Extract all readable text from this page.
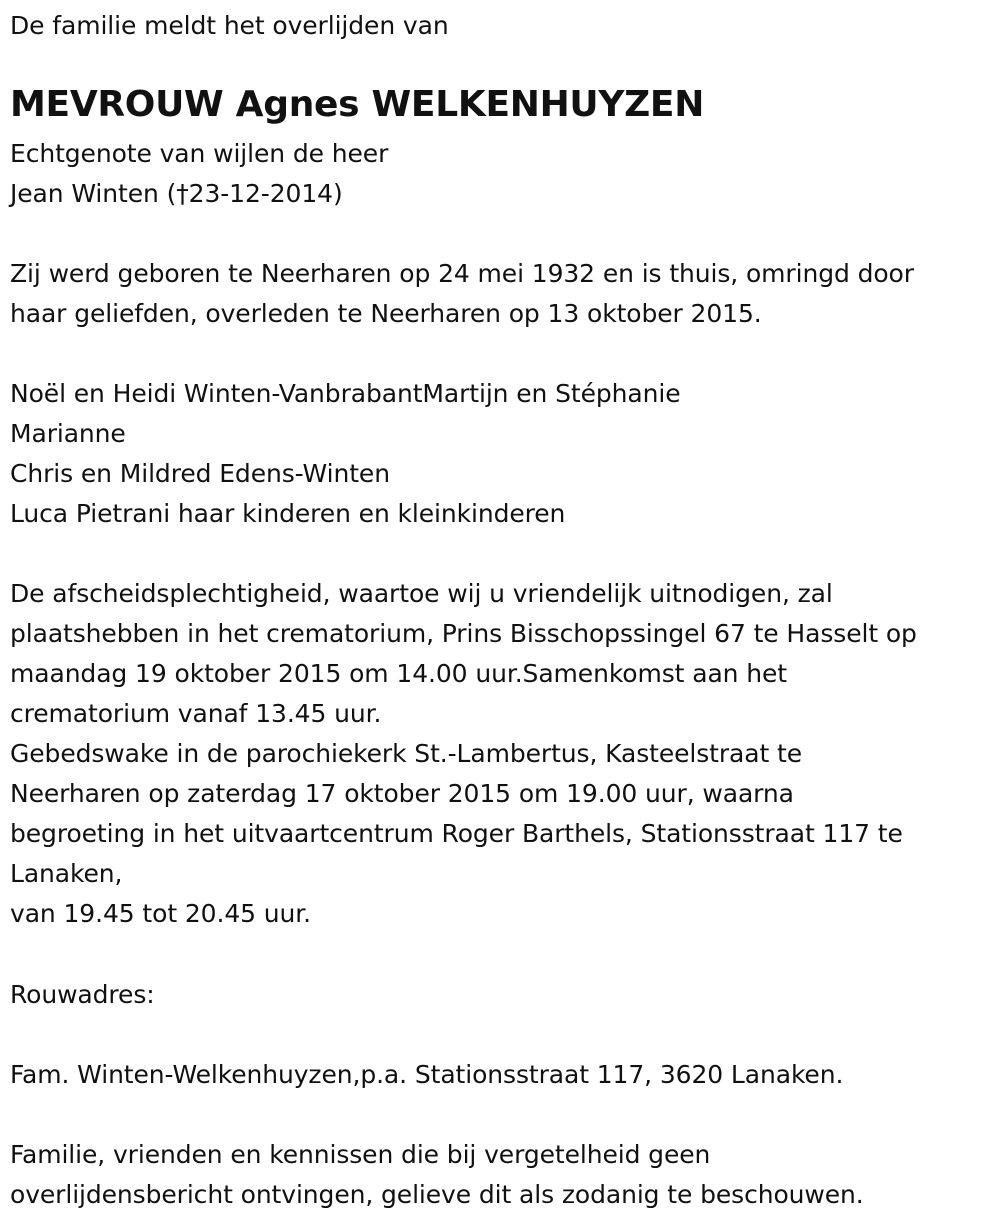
De familie meldt het overlijden van
MEVROUW Agnes WELKENHUYZEN
Echtgenote van wijlen de heer
Jean Winten (†23-12-2014)
Zij werd geboren te Neerharen op 24 mei 1932 en is thuis, omringd door
haar geliefden, overleden te Neerharen op 13 oktober 2015.
Noël en Heidi Winten-VanbrabantMartijn en Stéphanie
Marianne
Chris en Mildred Edens-Winten
Luca Pietrani haar kinderen en kleinkinderen
De afscheidsplechtigheid, waartoe wij u vriendelijk uitnodigen, zal
plaatshebben in het crematorium, Prins Bisschopssingel 67 te Hasselt op
maandag 19 oktober 2015 om 14.00 uur.Samenkomst aan het
crematorium vanaf 13.45 uur.
Gebedswake in de parochiekerk St.-Lambertus, Kasteelstraat te
Neerharen op zaterdag 17 oktober 2015 om 19.00 uur, waarna
begroeting in het uitvaartcentrum Roger Barthels, Stationsstraat 117 te
Lanaken,
van 19.45 tot 20.45 uur.
Rouwadres:
Fam. Winten-Welkenhuyzen,p.a. Stationsstraat 117, 3620 Lanaken.
Familie, vrienden en kennissen die bij vergetelheid geen
overlijdensbericht ontvingen, gelieve dit als zodanig te beschouwen.
